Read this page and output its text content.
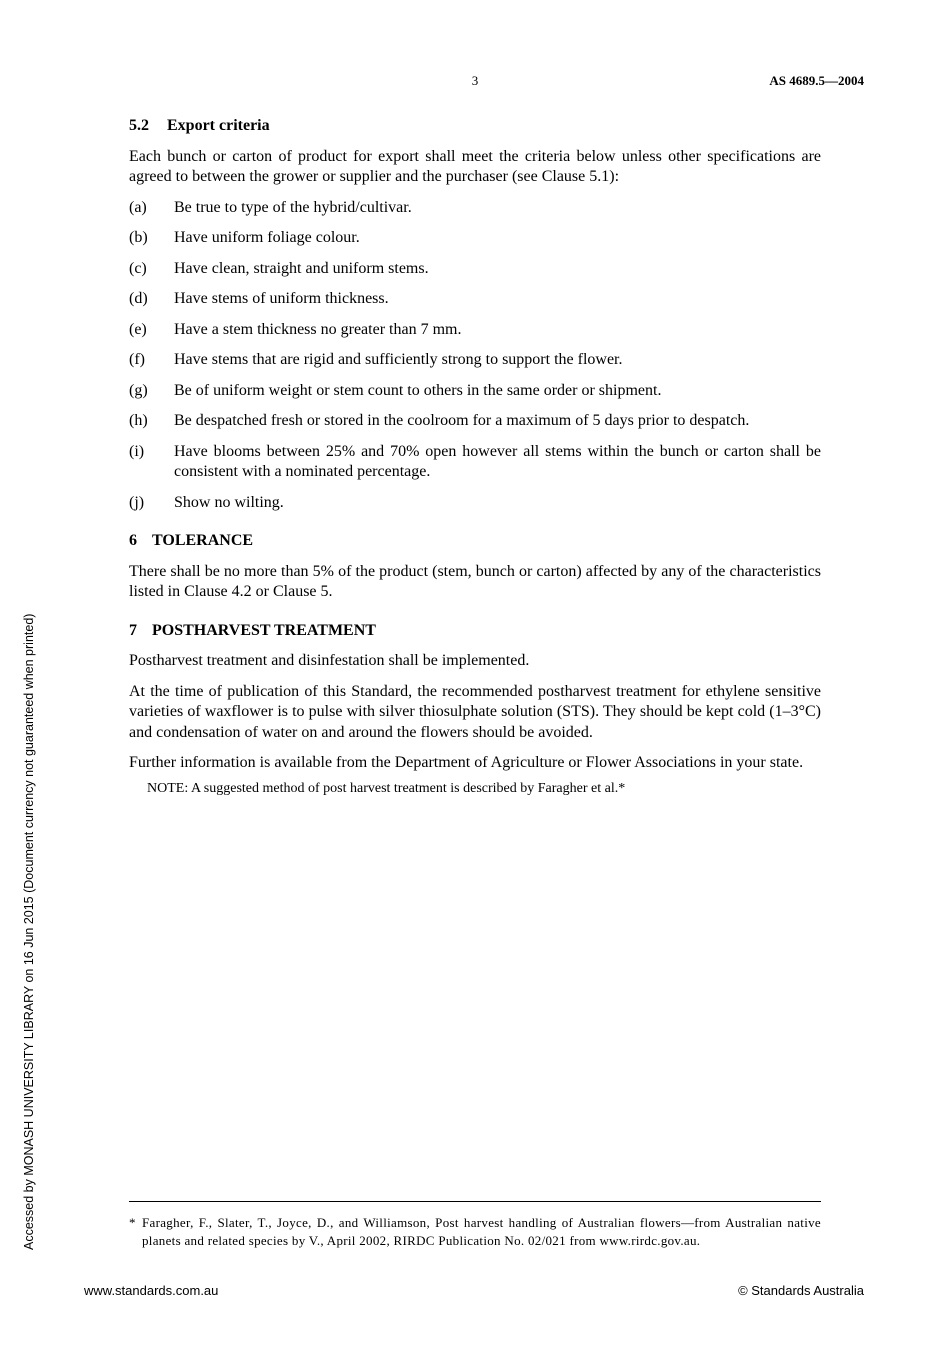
3	AS 4689.5—2004
Accessed by MONASH UNIVERSITY LIBRARY on 16 Jun 2015 (Document currency not guaranteed when printed)
5.2 Export criteria

Each bunch or carton of product for export shall meet the criteria below unless other specifications are agreed to between the grower or supplier and the purchaser (see Clause 5.1):

(a)	Be true to type of the hybrid/cultivar.
(b)	Have uniform foliage colour.
(c)	Have clean, straight and uniform stems.
(d)	Have stems of uniform thickness.
(e)	Have a stem thickness no greater than 7 mm.
(f)	Have stems that are rigid and sufficiently strong to support the flower.
(g)	Be of uniform weight or stem count to others in the same order or shipment.
(h)	Be despatched fresh or stored in the coolroom for a maximum of 5 days prior to despatch.
(i)	Have blooms between 25% and 70% open however all stems within the bunch or carton shall be consistent with a nominated percentage.
(j)	Show no wilting.
6 TOLERANCE

There shall be no more than 5% of the product (stem, bunch or carton) affected by any of the characteristics listed in Clause 4.2 or Clause 5.

7 POSTHARVEST TREATMENT

Postharvest treatment and disinfestation shall be implemented.

At the time of publication of this Standard, the recommended postharvest treatment for ethylene sensitive varieties of waxflower is to pulse with silver thiosulphate solution (STS). They should be kept cold (1–3°C) and condensation of water on and around the flowers should be avoided.

Further information is available from the Department of Agriculture or Flower Associations in your state.

NOTE: A suggested method of post harvest treatment is described by Faragher et al.*

* Faragher, F., Slater, T., Joyce, D., and Williamson, Post harvest handling of Australian flowers—from Australian native planets and related species by V., April 2002, RIRDC Publication No. 02/021 from www.rirdc.gov.au.
www.standards.com.au	© Standards Australia
